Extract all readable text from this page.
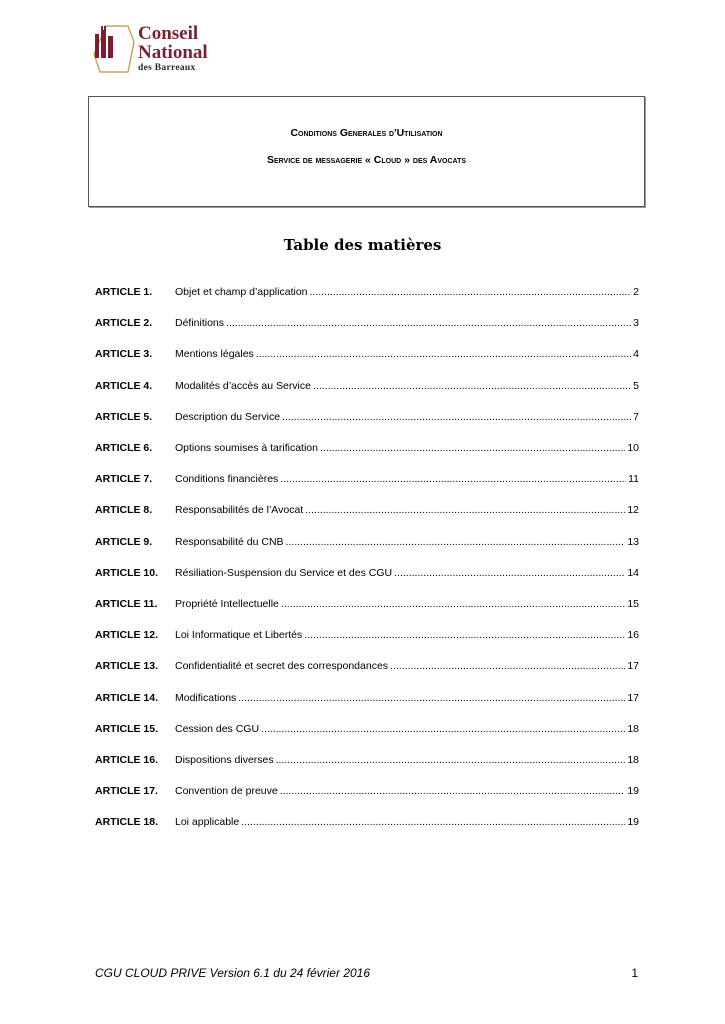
Conseil
National
des Barreaux
Conditions Generales d'Utilisation
Service de messagerie « Cloud » des Avocats
Table des matières
ARTICLE 1. Objet et champ d’application .....	2
ARTICLE 2. Définitions .....	3
ARTICLE 3. Mentions légales .....	4
ARTICLE 4. Modalités d’accès au Service .....	5
ARTICLE 5. Description du Service .....	7
ARTICLE 6. Options soumises à tarification .....	10
ARTICLE 7. Conditions financières .....	11
ARTICLE 8. Responsabilités de l’Avocat .....	12
ARTICLE 9. Responsabilité du CNB .....	13
ARTICLE 10. Résiliation-Suspension du Service et des CGU .....	14
ARTICLE 11. Propriété Intellectuelle .....	15
ARTICLE 12. Loi Informatique et Libertés .....	16
ARTICLE 13. Confidentialité et secret des correspondances .....	17
ARTICLE 14. Modifications .....	17
ARTICLE 15. Cession des CGU .....	18
ARTICLE 16. Dispositions diverses .....	18
ARTICLE 17. Convention de preuve .....	19
ARTICLE 18. Loi applicable .....	19
CGU CLOUD PRIVE Version 6.1 du 24 février 2016	1
